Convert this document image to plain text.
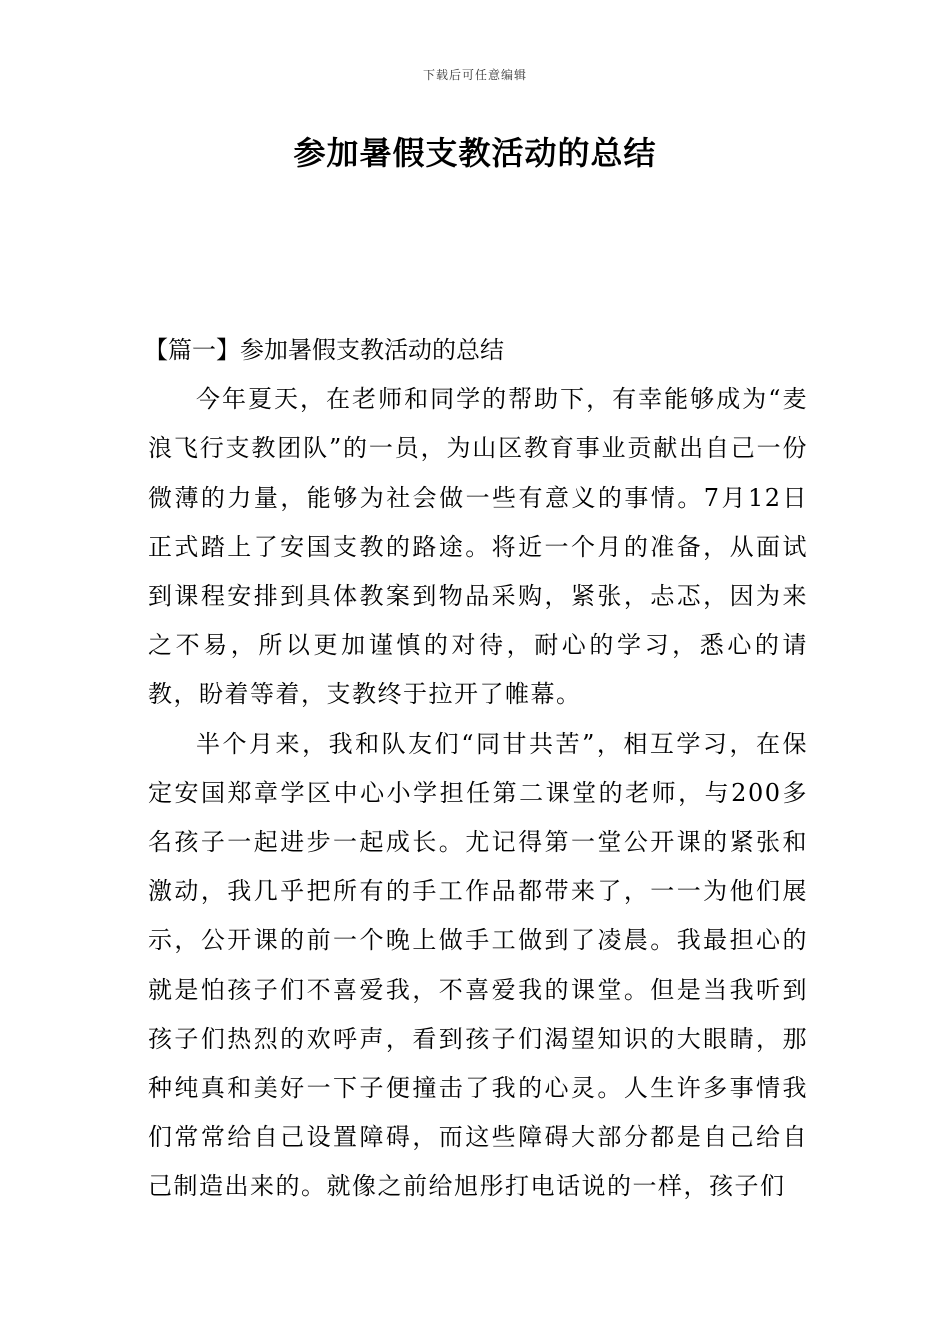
下载后可任意编辑
参加暑假支教活动的总结

【篇一】参加暑假支教活动的总结

今年夏天，在老师和同学的帮助下，有幸能够成为“麦浪飞行支教团队”的一员，为山区教育事业贡献出自己一份微薄的力量，能够为社会做一些有意义的事情。7月12日正式踏上了安国支教的路途。将近一个月的准备，从面试到课程安排到具体教案到物品采购，紧张，忐忑，因为来之不易，所以更加谨慎的对待，耐心的学习，悉心的请教，盼着等着，支教终于拉开了帷幕。

半个月来，我和队友们“同甘共苦”，相互学习，在保定安国郑章学区中心小学担任第二课堂的老师，与200多名孩子一起进步一起成长。尤记得第一堂公开课的紧张和激动，我几乎把所有的手工作品都带来了，一一为他们展示，公开课的前一个晚上做手工做到了凌晨。我最担心的就是怕孩子们不喜爱我，不喜爱我的课堂。但是当我听到孩子们热烈的欢呼声，看到孩子们渴望知识的大眼睛，那种纯真和美好一下子便撞击了我的心灵。人生许多事情我们常常给自己设置障碍，而这些障碍大部分都是自己给自己制造出来的。就像之前给旭彤打电话说的一样，孩子们
